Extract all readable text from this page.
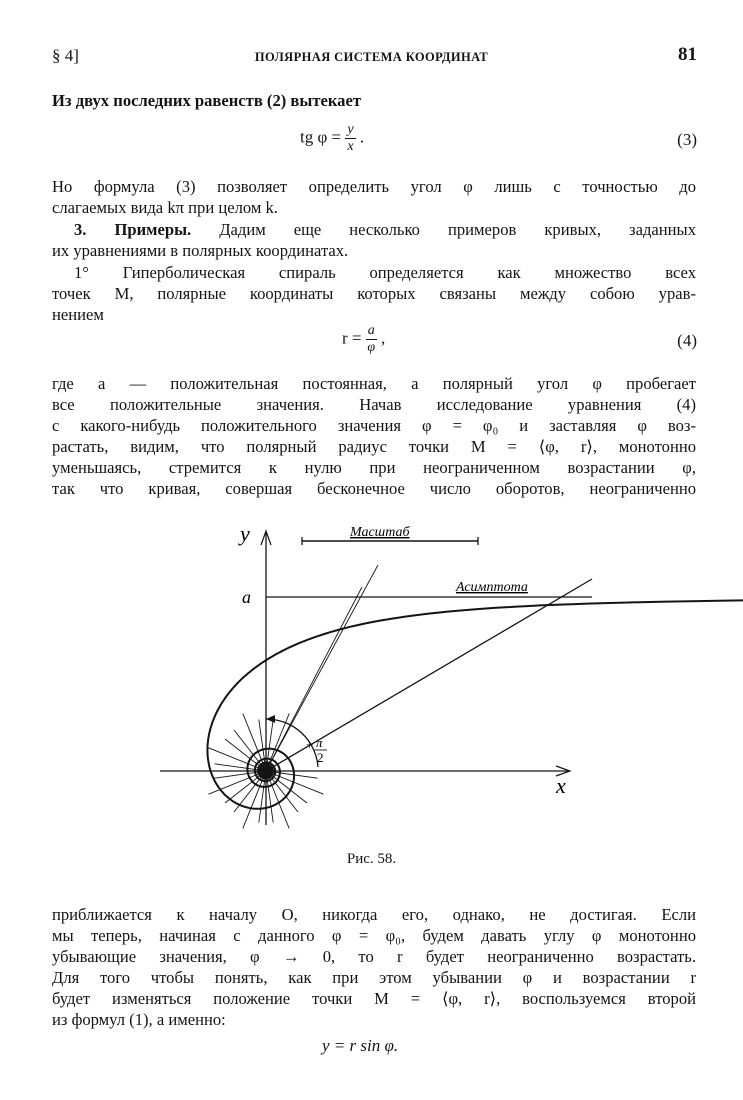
§ 4]	ПОЛЯРНАЯ СИСТЕМА КООРДИНАТ	81
Из двух последних равенств (2) вытекает
tg $\varphi = \frac{y}{x}$ .	(3)
Но формула (3) позволяет определить угол φ лишь с точностью до
слагаемых вида kπ при целом k.
3. Примеры. Дадим еще несколько примеров кривых, заданных
их уравнениями в полярных координатах.
1° Гиперболическая спираль определяется как множество всех
точек M, полярные координаты которых связаны между собою урав-
нением
$r = \frac{a}{\varphi}$ ,	(4)
где a — положительная постоянная, а полярный угол φ пробегает
все положительные значения. Начав исследование уравнения (4)
с какого-нибудь положительного значения φ = φ₀ и заставляя φ воз-
растать, видим, что полярный радиус точки M = ⟨φ, r⟩, монотонно
уменьшаясь, стремится к нулю при неограниченном возрастании φ,
так что кривая, совершая бесконечное число оборотов, неограниченно
y
x
a
Масштаб
Асимптота
+ π
2
Рис. 58.
приближается к началу O, никогда его, однако, не достигая. Если
мы теперь, начиная с данного φ = φ₀, будем давать углу φ монотонно
убывающие значения, φ → 0, то r будет неограниченно возрастать.
Для того чтобы понять, как при этом убывании φ и возрастании r
будет изменяться положение точки M = ⟨φ, r⟩, воспользуемся второй
из формул (1), а именно:
y = r sin φ.
